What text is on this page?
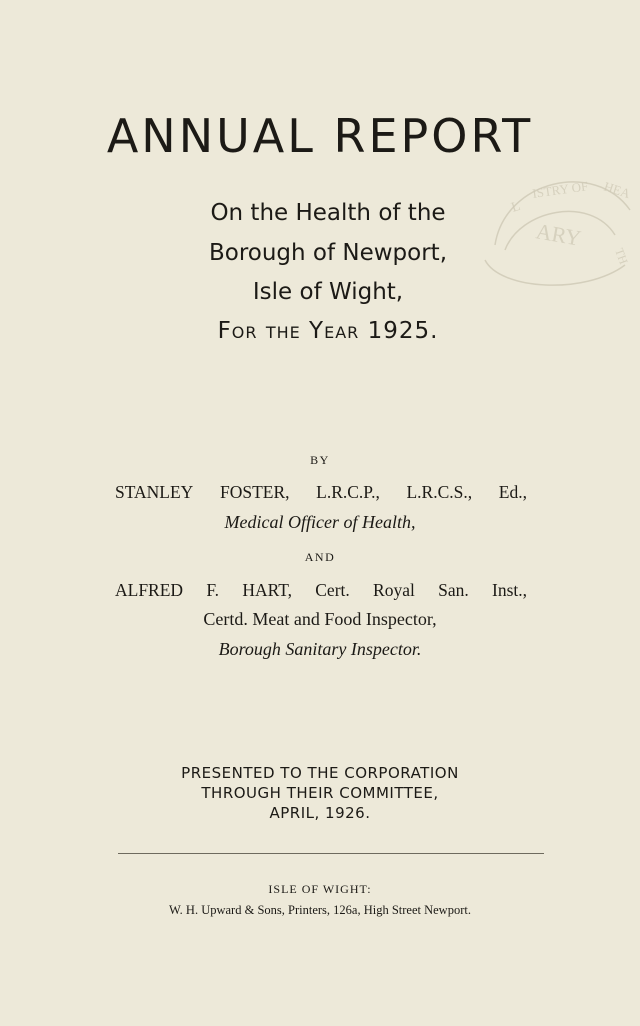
L
ISTRY OF HEA
ARY
TH
ANNUAL REPORT
On the Health of the
Borough of Newport,
Isle of Wight,
For the Year 1925.
BY
STANLEY FOSTER, L.R.C.P., L.R.C.S., Ed.,
Medical Officer of Health,
AND
ALFRED F. HART, Cert. Royal San. Inst.,
Certd. Meat and Food Inspector,
Borough Sanitary Inspector.
PRESENTED TO THE CORPORATION
THROUGH THEIR COMMITTEE,
APRIL, 1926.
ISLE OF WIGHT:
W. H. Upward & Sons, Printers, 126a, High Street Newport.
